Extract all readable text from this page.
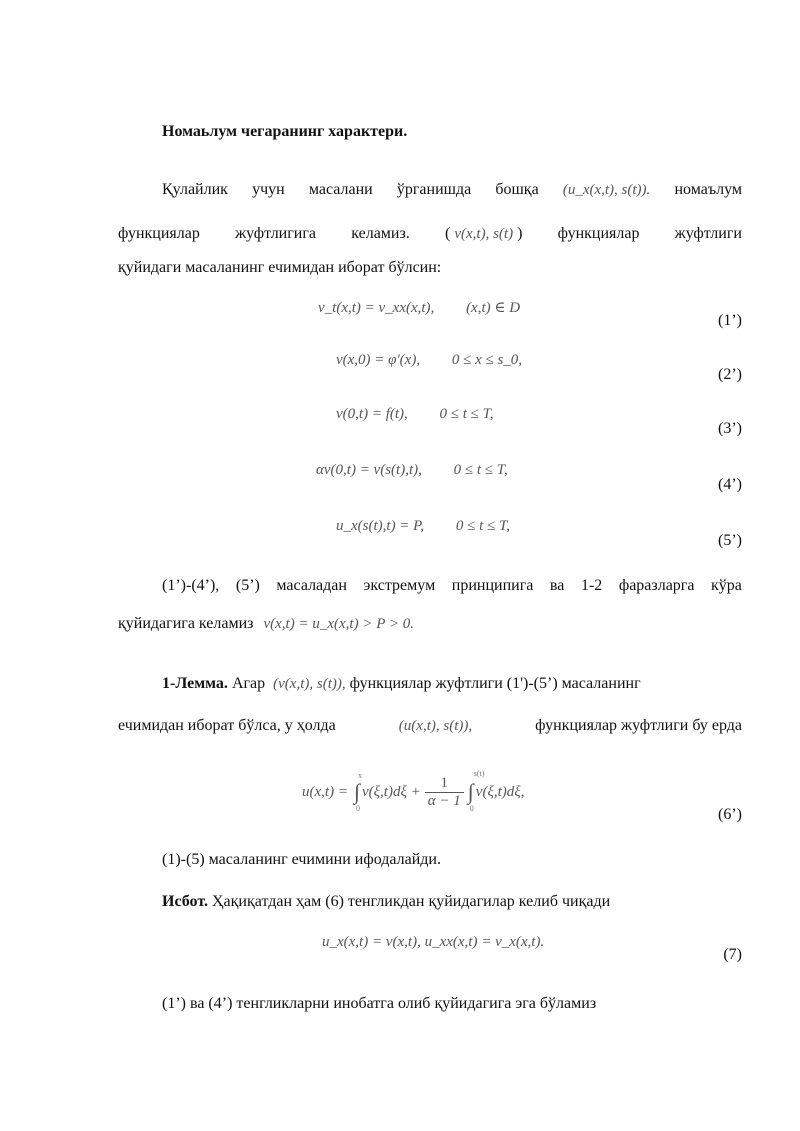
Номаьлум чегаранинг характери.
Қулайлик учун масалани ўрганишда бошқа (u_x(x,t), s(t)). номаълум
функциялар жуфтлигига келамиз. ( v(x,t), s(t) ) функциялар жуфтлиги
қуйидаги масаланинг ечимидан иборат бўлсин:
v_t(x,t) = v_xx(x,t), (x,t) ∈ D
(1’)
v(x,0) = φ'(x), 0 ≤ x ≤ s_0,
(2’)
v(0,t) = f(t), 0 ≤ t ≤ T,
(3’)
αv(0,t) = v(s(t),t), 0 ≤ t ≤ T,
(4’)
u_x(s(t),t) = P, 0 ≤ t ≤ T,
(5’)
(1’)-(4’), (5’) масаладан экстремум принципига ва 1-2 фаразларга кўра
қуйидагига келамиз v(x,t) = u_x(x,t) > P > 0.
1-Лемма. Агар (v(x,t), s(t)), функциялар жуфтлиги (1')-(5’) масаланинг
ечимидан иборат бўлса, у ҳолда	(u(x,t), s(t)),	функциялар жуфтлиги бу ерда
u(x,t) = ∫
x
0
$v(\xi,t)d\xi + \frac{1}{\alpha - 1}$ ∫
s(t)
0
v(ξ,t)dξ,
(6’)
(1)-(5) масаланинг ечимини ифодалайди.
Исбот. Ҳақиқатдан ҳам (6) тенгликдан қуйидагилар келиб чиқади
u_x(x,t) = v(x,t), u_xx(x,t) = v_x(x,t).
(7)
(1’) ва (4’) тенгликларни инобатга олиб қуйидагига эга бўламиз
